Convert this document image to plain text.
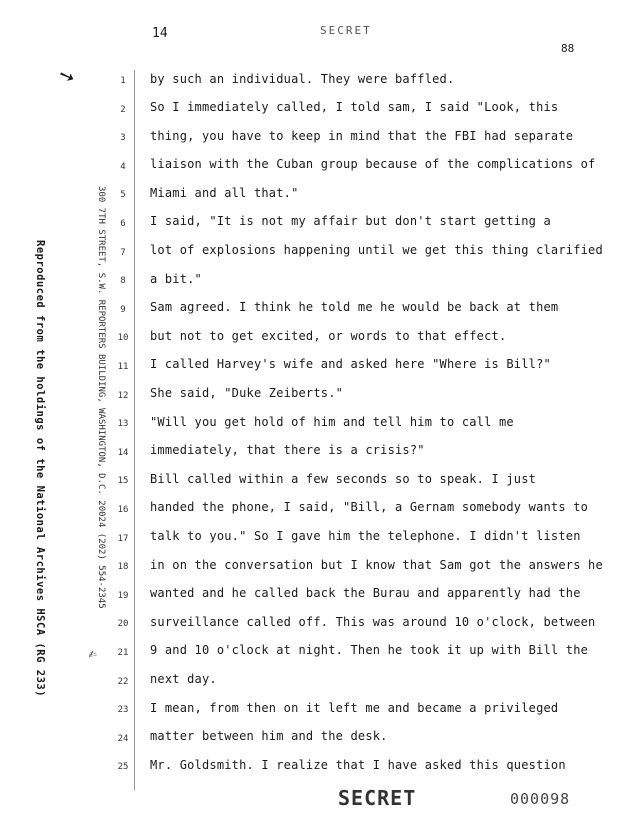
14	SECRET
88
➘
Reproduced from the holdings of the National Archives HSCA (RG 233)	300 7TH STREET, S.W. REPORTERS BUILDING, WASHINGTON, D.C. 20024 (202) 554-2345
✍
1
2
3
4
5
6
7
8
9
10
11
12
13
14
15
16
17
18
19
20
21
22
23
24
25
by such an individual. They were baffled.
So I immediately called, I told sam, I said "Look, this
thing, you have to keep in mind that the FBI had separate
liaison with the Cuban group because of the complications of
Miami and all that."
I said, "It is not my affair but don't start getting a
lot of explosions happening until we get this thing clarified
a bit."
Sam agreed. I think he told me he would be back at them
but not to get excited, or words to that effect.
I called Harvey's wife and asked here "Where is Bill?"
She said, "Duke Zeiberts."
"Will you get hold of him and tell him to call me
immediately, that there is a crisis?"
Bill called within a few seconds so to speak. I just
handed the phone, I said, "Bill, a Gernam somebody wants to
talk to you." So I gave him the telephone. I didn't listen
in on the conversation but I know that Sam got the answers he
wanted and he called back the Burau and apparently had the
surveillance called off. This was around 10 o'clock, between
9 and 10 o'clock at night. Then he took it up with Bill the
next day.
I mean, from then on it left me and became a privileged
matter between him and the desk.
Mr. Goldsmith. I realize that I have asked this question
SECRET	000098
